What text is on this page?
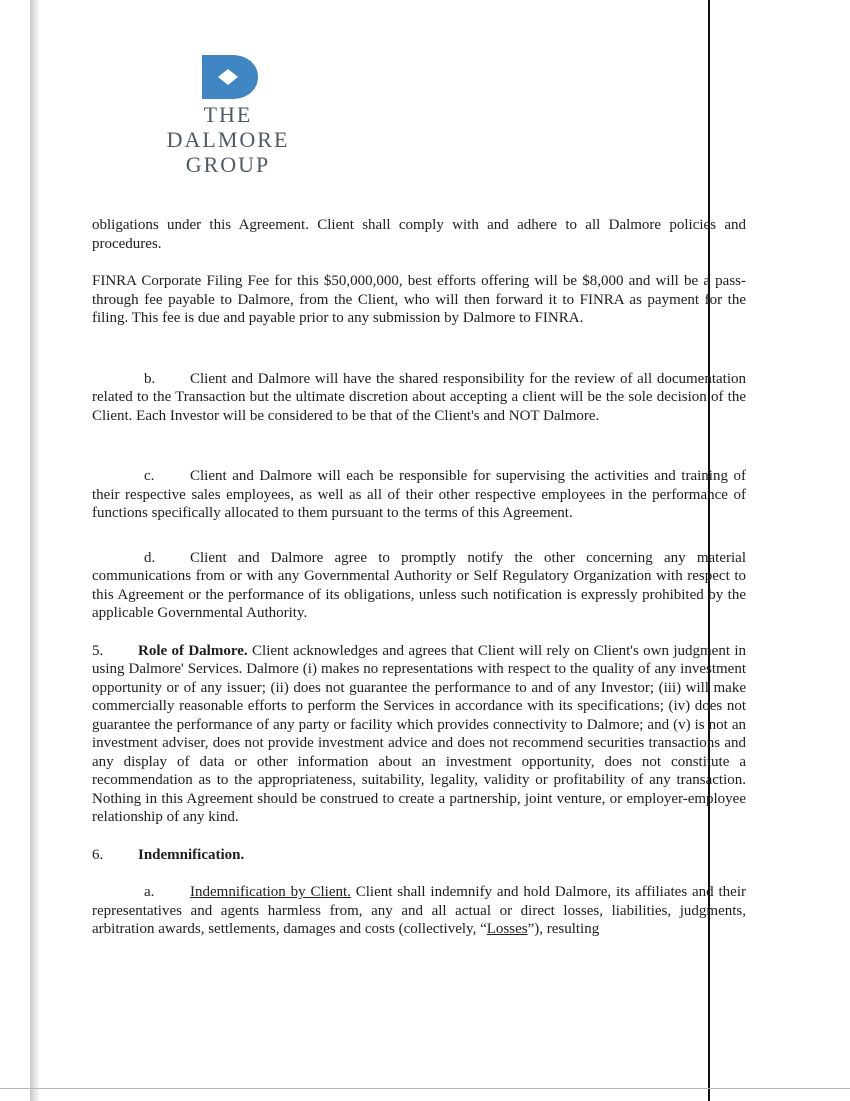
THE
DALMORE
GROUP

obligations under this Agreement. Client shall comply with and adhere to all Dalmore policies and procedures.

FINRA Corporate Filing Fee for this $50,000,000, best efforts offering will be $8,000 and will be a pass- through fee payable to Dalmore, from the Client, who will then forward it to FINRA as payment for the filing. This fee is due and payable prior to any submission by Dalmore to FINRA.

b. Client and Dalmore will have the shared responsibility for the review of all documentation related to the Transaction but the ultimate discretion about accepting a client will be the sole decision of the Client. Each Investor will be considered to be that of the Client's and NOT Dalmore.

c. Client and Dalmore will each be responsible for supervising the activities and training of their respective sales employees, as well as all of their other respective employees in the performance of functions specifically allocated to them pursuant to the terms of this Agreement.

d. Client and Dalmore agree to promptly notify the other concerning any material communications from or with any Governmental Authority or Self Regulatory Organization with respect to this Agreement or the performance of its obligations, unless such notification is expressly prohibited by the applicable Governmental Authority.

5. Role of Dalmore. Client acknowledges and agrees that Client will rely on Client's own judgment in using Dalmore' Services. Dalmore (i) makes no representations with respect to the quality of any investment opportunity or of any issuer; (ii) does not guarantee the performance to and of any Investor; (iii) will make commercially reasonable efforts to perform the Services in accordance with its specifications; (iv) does not guarantee the performance of any party or facility which provides connectivity to Dalmore; and (v) is not an investment adviser, does not provide investment advice and does not recommend securities transactions and any display of data or other information about an investment opportunity, does not constitute a recommendation as to the appropriateness, suitability, legality, validity or profitability of any transaction. Nothing in this Agreement should be construed to create a partnership, joint venture, or employer-employee relationship of any kind.

6. Indemnification.

a. Indemnification by Client. Client shall indemnify and hold Dalmore, its affiliates and their representatives and agents harmless from, any and all actual or direct losses, liabilities, judgments, arbitration awards, settlements, damages and costs (collectively, “Losses”), resulting
